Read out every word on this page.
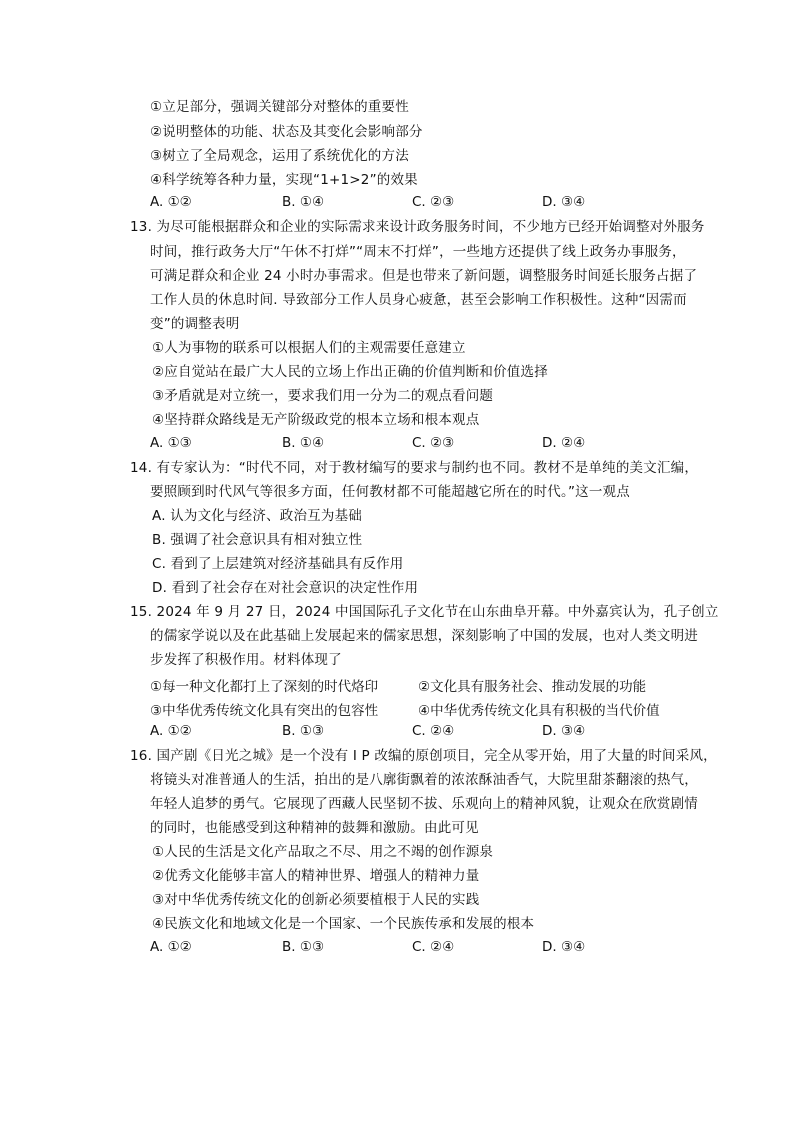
①立足部分，强调关键部分对整体的重要性
②说明整体的功能、状态及其变化会影响部分
③树立了全局观念，运用了系统优化的方法
④科学统筹各种力量，实现“1+1>2”的效果
A. ①②	B. ①④	C. ②③	D. ③④
13. 为尽可能根据群众和企业的实际需求来设计政务服务时间，不少地方已经开始调整对外服务
时间，推行政务大厅“午休不打烊”“周末不打烊”，一些地方还提供了线上政务办事服务，
可满足群众和企业 24 小时办事需求。但是也带来了新问题，调整服务时间延长服务占据了
工作人员的休息时间. 导致部分工作人员身心疲惫，甚至会影响工作积极性。这种“因需而
变”的调整表明
①人为事物的联系可以根据人们的主观需要任意建立
②应自觉站在最广大人民的立场上作出正确的价值判断和价值选择
③矛盾就是对立统一，要求我们用一分为二的观点看问题
④坚持群众路线是无产阶级政党的根本立场和根本观点
A. ①③	B. ①④	C. ②③	D. ②④
14. 有专家认为：“时代不同，对于教材编写的要求与制约也不同。教材不是单纯的美文汇编，
要照顾到时代风气等很多方面，任何教材都不可能超越它所在的时代。”这一观点
A. 认为文化与经济、政治互为基础
B. 强调了社会意识具有相对独立性
C. 看到了上层建筑对经济基础具有反作用
D. 看到了社会存在对社会意识的决定性作用
15. 2024 年 9 月 27 日，2024 中国国际孔子文化节在山东曲阜开幕。中外嘉宾认为，孔子创立
的儒家学说以及在此基础上发展起来的儒家思想，深刻影响了中国的发展，也对人类文明进
步发挥了积极作用。材料体现了
①每一种文化都打上了深刻的时代烙印	②文化具有服务社会、推动发展的功能
③中华优秀传统文化具有突出的包容性	④中华优秀传统文化具有积极的当代价值
A. ①②	B. ①③	C. ②④	D. ③④
16. 国产剧《日光之城》是一个没有 I P 改编的原创项目，完全从零开始，用了大量的时间采风，
将镜头对准普通人的生活，拍出的是八廓街飘着的浓浓酥油香气，大院里甜茶翻滚的热气，
年轻人追梦的勇气。它展现了西藏人民坚韧不拔、乐观向上的精神风貌，让观众在欣赏剧情
的同时，也能感受到这种精神的鼓舞和激励。由此可见
①人民的生活是文化产品取之不尽、用之不竭的创作源泉
②优秀文化能够丰富人的精神世界、增强人的精神力量
③对中华优秀传统文化的创新必须要植根于人民的实践
④民族文化和地域文化是一个国家、一个民族传承和发展的根本
A. ①②	B. ①③	C. ②④	D. ③④
